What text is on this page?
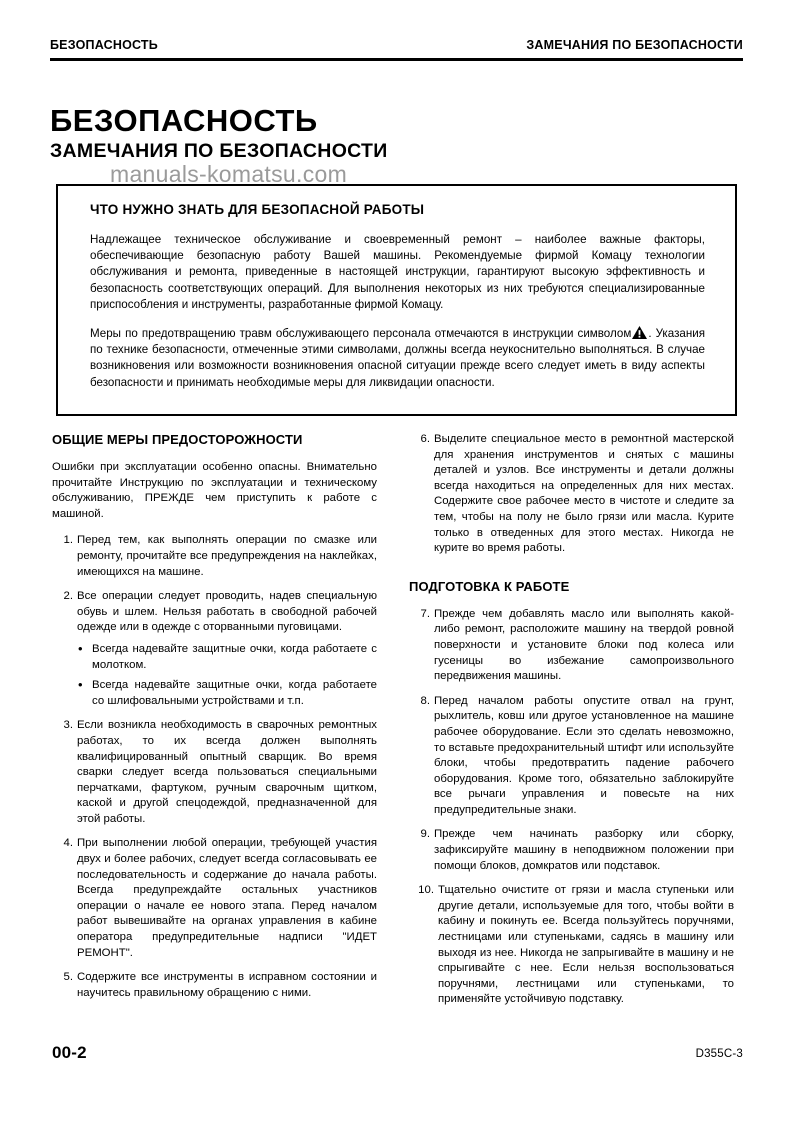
БЕЗОПАСНОСТЬ	ЗАМЕЧАНИЯ ПО БЕЗОПАСНОСТИ
БЕЗОПАСНОСТЬ
ЗАМЕЧАНИЯ ПО БЕЗОПАСНОСТИ
manuals-komatsu.com
ЧТО НУЖНО ЗНАТЬ ДЛЯ БЕЗОПАСНОЙ РАБОТЫ
Надлежащее техническое обслуживание и своевременный ремонт – наиболее важные факторы, обеспечивающие безопасную работу Вашей машины. Рекомендуемые фирмой Комацу технологии обслуживания и ремонта, приведенные в настоящей инструкции, гарантируют высокую эффективность и безопасность соответствующих операций. Для выполнения некоторых из них требуются специализированные приспособления и инструменты, разработанные фирмой Комацу.
Меры по предотвращению травм обслуживающего персонала отмечаются в инструкции символом . Указания по технике безопасности, отмеченные этими символами, должны всегда неукоснительно выполняться. В случае возникновения или возможности возникновения опасной ситуации прежде всего следует иметь в виду аспекты безопасности и принимать необходимые меры для ликвидации опасности.
ОБЩИЕ МЕРЫ ПРЕДОСТОРОЖНОСТИ

Ошибки при эксплуатации особенно опасны. Внимательно прочитайте Инструкцию по эксплуатации и техническому обслуживанию, ПРЕЖДЕ чем приступить к работе с машиной.

1. Перед тем, как выполнять операции по смазке или ремонту, прочитайте все предупреждения на наклейках, имеющихся на машине.
2. Все операции следует проводить, надев специальную обувь и шлем. Нельзя работать в свободной рабочей одежде или в одежде с оторванными пуговицами.
• Всегда надевайте защитные очки, когда работаете с молотком.
• Всегда надевайте защитные очки, когда работаете со шлифовальными устройствами и т.п.
3. Если возникла необходимость в сварочных ремонтных работах, то их всегда должен выполнять квалифицированный опытный сварщик. Во время сварки следует всегда пользоваться специальными перчатками, фартуком, ручным сварочным щитком, каской и другой спецодеждой, предназначенной для этой работы.
4. При выполнении любой операции, требующей участия двух и более рабочих, следует всегда согласовывать ее последовательность и содержание до начала работы. Всегда предупреждайте остальных участников операции о начале ее нового этапа. Перед началом работ вывешивайте на органах управления в кабине оператора предупредительные надписи "ИДЕТ РЕМОНТ".
5. Содержите все инструменты в исправном состоянии и научитесь правильному обращению с ними.
6. Выделите специальное место в ремонтной мастерской для хранения инструментов и снятых с машины деталей и узлов. Все инструменты и детали должны всегда находиться на определенных для них местах. Содержите свое рабочее место в чистоте и следите за тем, чтобы на полу не было грязи или масла. Курите только в отведенных для этого местах. Никогда не курите во время работы.
ПОДГОТОВКА К РАБОТЕ
7. Прежде чем добавлять масло или выполнять какой-либо ремонт, расположите машину на твердой ровной поверхности и установите блоки под колеса или гусеницы во избежание самопроизвольного передвижения машины.
8. Перед началом работы опустите отвал на грунт, рыхлитель, ковш или другое установленное на машине рабочее оборудование. Если это сделать невозможно, то вставьте предохранительный штифт или используйте блоки, чтобы предотвратить падение рабочего оборудования. Кроме того, обязательно заблокируйте все рычаги управления и повесьте на них предупредительные знаки.
9. Прежде чем начинать разборку или сборку, зафиксируйте машину в неподвижном положении при помощи блоков, домкратов или подставок.
10. Тщательно очистите от грязи и масла ступеньки или другие детали, используемые для того, чтобы войти в кабину и покинуть ее. Всегда пользуйтесь поручнями, лестницами или ступеньками, садясь в машину или выходя из нее. Никогда не запрыгивайте в машину и не спрыгивайте с нее. Если нельзя воспользоваться поручнями, лестницами или ступеньками, то применяйте устойчивую подставку.
00-2	D355C-3
